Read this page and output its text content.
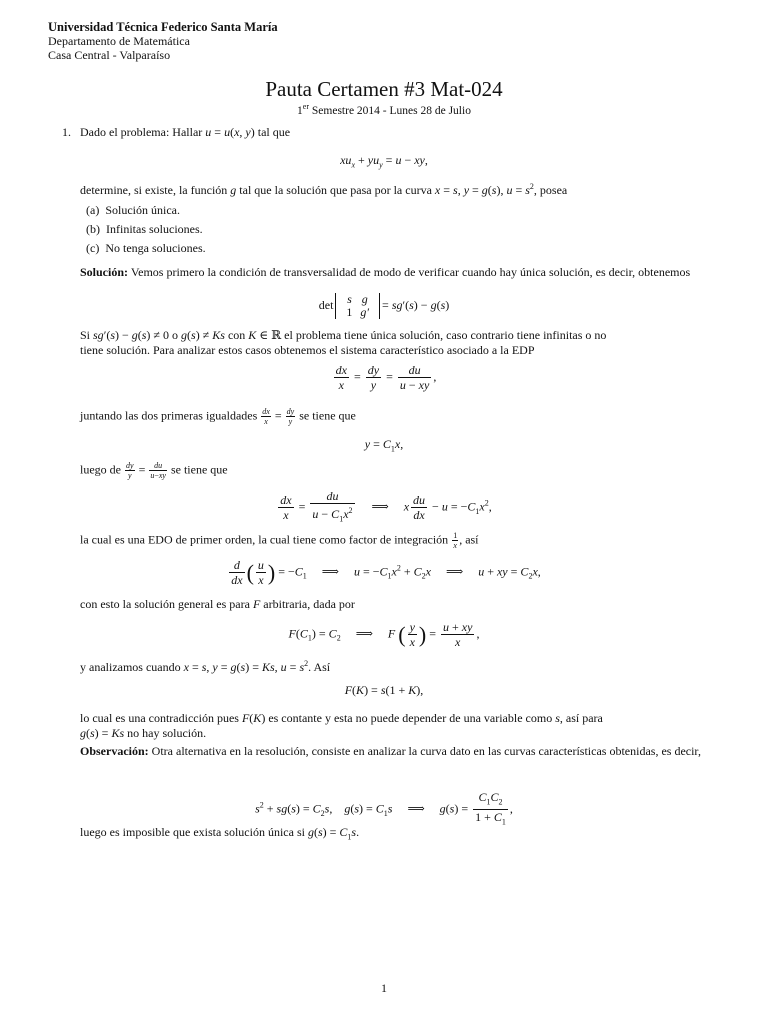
Universidad Técnica Federico Santa María
Departamento de Matemática
Casa Central - Valparaíso
Pauta Certamen #3 Mat-024
1er Semestre 2014 - Lunes 28 de Julio
1. Dado el problema: Hallar u = u(x, y) tal que
$xu_x + yu_y = u$ − xy,
determine, si existe, la función g tal que la solución que pasa por la curva x = s, y = g(s), $u = s^2$, posea
(a) Solución única.
(b) Infinitas soluciones.
(c) No tenga soluciones.
Solución: Vemos primero la condición de transversalidad de modo de verificar cuando hay única solución, es decir, obtenemos
det s	g
1	g′
= sg′(s) − g(s)
Si sg′(s) − g(s) ≠ 0 o g(s) ≠ Ks con K ∈ ℝ el problema tiene única solución, caso contrario tiene infinitas o no
tiene solución. Para analizar estos casos obtenemos el sistema característico asociado a la EDP
$\frac{dx}{x} = \frac{dy}{y} = \frac{du}{u - xy}$ ,
juntando las dos primeras igualdades $\frac{dx}{x} = \frac{dy}{y}$ se tiene que
$y = C_1x$,
luego de $\frac{dy}{y} = \frac{du}{u-xy}$ se tiene que
$\frac{dx}{x} = \frac{du}{u - C_1x^2}$ ⟹     x $\frac{du}{dx} - u = -C_1x^2$,
la cual es una EDO de primer orden, la cual tiene como factor de integración $\frac{1}{x}$ , así
$\frac{d}{dx}$ ( $\frac{u}{x}$ ) = $-C_1$     ⟹     $u = -C_1x^2 + C_2x$     ⟹     u + xy = $C_2x$,
con esto la solución general es para F arbitraria, dada por
$F(C_1) = C_2$     ⟹     F ( $\frac{y}{x}$ ) = $\frac{u + xy}{x}$ ,
y analizamos cuando x = s, y = g(s) = Ks, $u = s^2$. Así
F(K) = s(1 + K),
lo cual es una contradicción pues F(K) es contante y esta no puede depender de una variable como s, así para
g(s) = Ks no hay solución.
Observación: Otra alternativa en la resolución, consiste en analizar la curva dato en las curvas características obtenidas, es decir,
$s^2 + sg(s) = C_2s$,    $g(s) = C_1s$     ⟹     $g(s) = \frac{C_1C_2}{1 + C_1}$ ,
luego es imposible que exista solución única si $g(s) = C_1s$.
1
